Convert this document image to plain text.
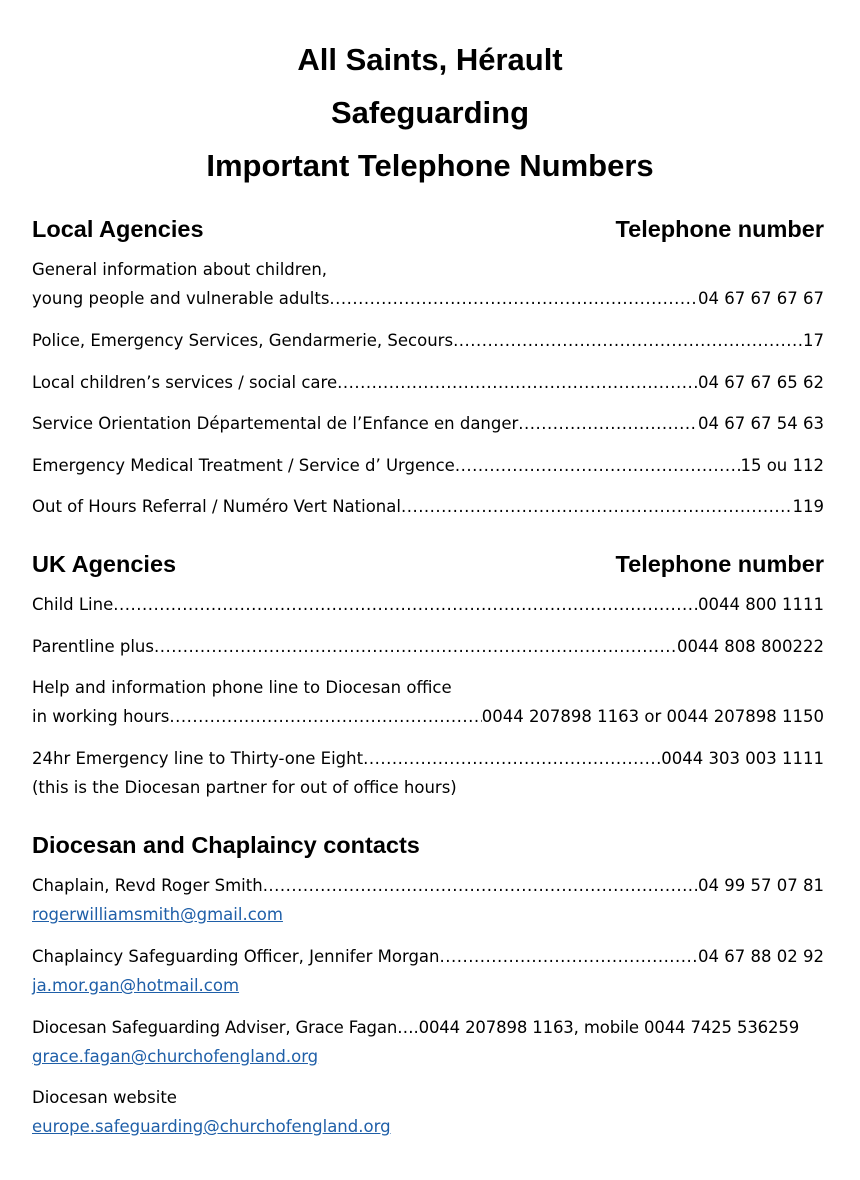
All Saints, Hérault
Safeguarding
Important Telephone Numbers
Local Agencies	Telephone number
General information about children,
young people and vulnerable adults .....	04 67 67 67 67
Police, Emergency Services, Gendarmerie, Secours .....	17
Local children’s services / social care .....	04 67 67 65 62
Service Orientation Départemental de l’Enfance en danger .....	04 67 67 54 63
Emergency Medical Treatment / Service d’ Urgence .....	15 ou 112
Out of Hours Referral / Numéro Vert National .....	119
UK Agencies	Telephone number
Child Line .....	0044 800 1111
Parentline plus .....	0044 808 800222
Help and information phone line to Diocesan office
in working hours .....	0044 207898 1163 or 0044 207898 1150
24hr Emergency line to Thirty-one Eight .....	0044 303 003 1111
(this is the Diocesan partner for out of office hours)
Diocesan and Chaplaincy contacts
Chaplain, Revd Roger Smith .....	04 99 57 07 81
rogerwilliamsmith@gmail.com
Chaplaincy Safeguarding Officer, Jennifer Morgan .....	04 67 88 02 92
ja.mor.gan@hotmail.com
Diocesan Safeguarding Adviser, Grace Fagan….0044 207898 1163, mobile 0044 7425 536259
grace.fagan@churchofengland.org
Diocesan website
europe.safeguarding@churchofengland.org
